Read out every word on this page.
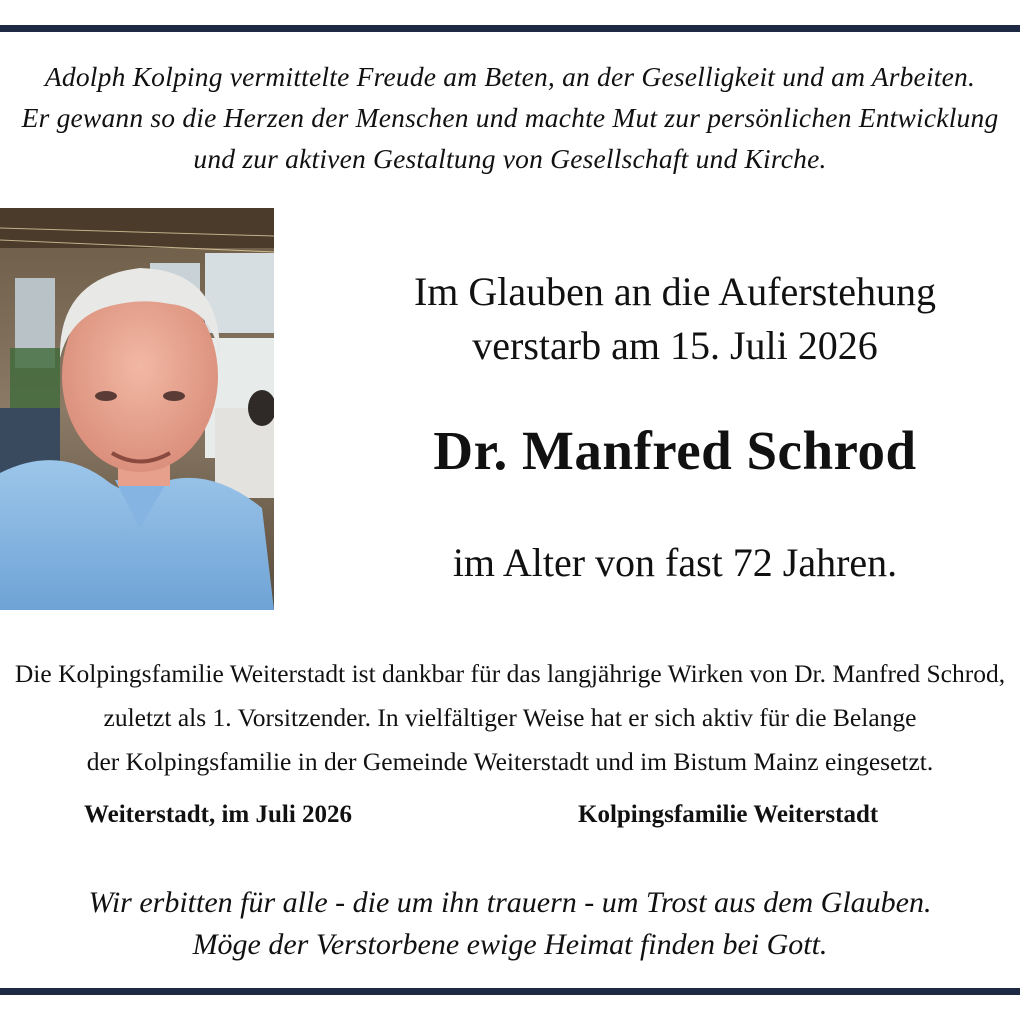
Adolph Kolping vermittelte Freude am Beten, an der Geselligkeit und am Arbeiten.
Er gewann so die Herzen der Menschen und machte Mut zur persönlichen Entwicklung
und zur aktiven Gestaltung von Gesellschaft und Kirche.
Im Glauben an die Auferstehung
verstarb am 15. Juli 2026
Dr. Manfred Schrod
im Alter von fast 72 Jahren.
Die Kolpingsfamilie Weiterstadt ist dankbar für das langjährige Wirken von Dr. Manfred Schrod,
zuletzt als 1. Vorsitzender. In vielfältiger Weise hat er sich aktiv für die Belange
der Kolpingsfamilie in der Gemeinde Weiterstadt und im Bistum Mainz eingesetzt.
Weiterstadt, im Juli 2026	Kolpingsfamilie Weiterstadt
Wir erbitten für alle - die um ihn trauern - um Trost aus dem Glauben.
Möge der Verstorbene ewige Heimat finden bei Gott.
